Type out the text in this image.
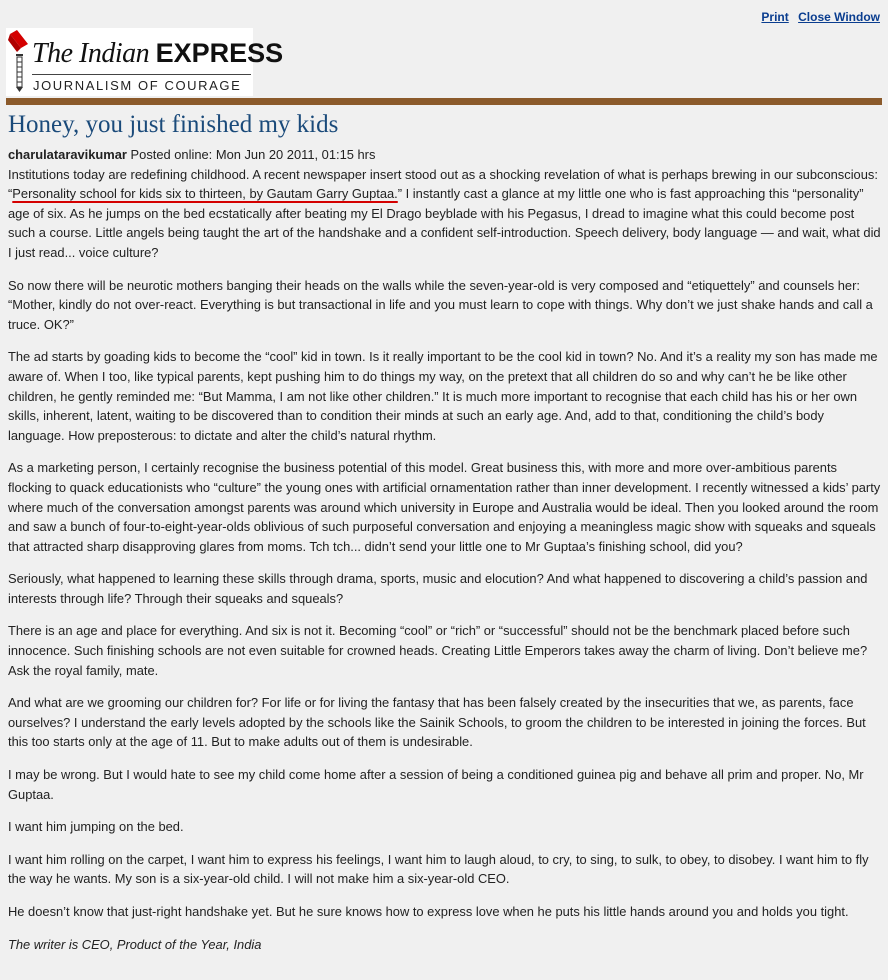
Print Close Window
The Indian EXPRESS
JOURNALISM OF COURAGE
Honey, you just finished my kids

charulataravikumar Posted online: Mon Jun 20 2011, 01:15 hrs
Institutions today are redefining childhood. A recent newspaper insert stood out as a shocking revelation of what is perhaps brewing in our subconscious: “Personality school for kids six to thirteen, by Gautam Garry Guptaa.” I instantly cast a glance at my little one who is fast approaching this “personality” age of six. As he jumps on the bed ecstatically after beating my El Drago beyblade with his Pegasus, I dread to imagine what this could become post such a course. Little angels being taught the art of the handshake and a confident self-introduction. Speech delivery, body language — and wait, what did I just read... voice culture?

So now there will be neurotic mothers banging their heads on the walls while the seven-year-old is very composed and “etiquettely” and counsels her: “Mother, kindly do not over-react. Everything is but transactional in life and you must learn to cope with things. Why don’t we just shake hands and call a truce. OK?”

The ad starts by goading kids to become the “cool” kid in town. Is it really important to be the cool kid in town? No. And it’s a reality my son has made me aware of. When I too, like typical parents, kept pushing him to do things my way, on the pretext that all children do so and why can’t he be like other children, he gently reminded me: “But Mamma, I am not like other children.” It is much more important to recognise that each child has his or her own skills, inherent, latent, waiting to be discovered than to condition their minds at such an early age. And, add to that, conditioning the child’s body language. How preposterous: to dictate and alter the child’s natural rhythm.

As a marketing person, I certainly recognise the business potential of this model. Great business this, with more and more over-ambitious parents flocking to quack educationists who “culture” the young ones with artificial ornamentation rather than inner development. I recently witnessed a kids’ party where much of the conversation amongst parents was around which university in Europe and Australia would be ideal. Then you looked around the room and saw a bunch of four-to-eight-year-olds oblivious of such purposeful conversation and enjoying a meaningless magic show with squeaks and squeals that attracted sharp disapproving glares from moms. Tch tch... didn’t send your little one to Mr Guptaa’s finishing school, did you?

Seriously, what happened to learning these skills through drama, sports, music and elocution? And what happened to discovering a child’s passion and interests through life? Through their squeaks and squeals?

There is an age and place for everything. And six is not it. Becoming “cool” or “rich” or “successful” should not be the benchmark placed before such innocence. Such finishing schools are not even suitable for crowned heads. Creating Little Emperors takes away the charm of living. Don’t believe me? Ask the royal family, mate.

And what are we grooming our children for? For life or for living the fantasy that has been falsely created by the insecurities that we, as parents, face ourselves? I understand the early levels adopted by the schools like the Sainik Schools, to groom the children to be interested in joining the forces. But this too starts only at the age of 11. But to make adults out of them is undesirable.

I may be wrong. But I would hate to see my child come home after a session of being a conditioned guinea pig and behave all prim and proper. No, Mr Guptaa.

I want him jumping on the bed.

I want him rolling on the carpet, I want him to express his feelings, I want him to laugh aloud, to cry, to sing, to sulk, to obey, to disobey. I want him to fly the way he wants. My son is a six-year-old child. I will not make him a six-year-old CEO.

He doesn’t know that just-right handshake yet. But he sure knows how to express love when he puts his little hands around you and holds you tight.

The writer is CEO, Product of the Year, India
